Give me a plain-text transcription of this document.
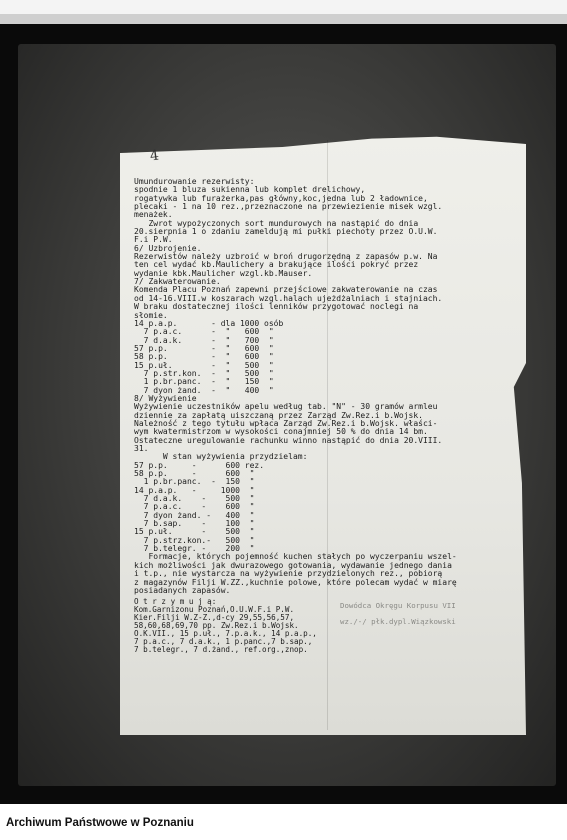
4
Umundurowanie rezerwisty:
spodnie 1 bluza sukienna lub komplet drelichowy,
rogatywka lub furażerka,pas główny,koc,jedna lub 2 ładownice,
plecaki - 1 na 10 rez.,przeznaczone na przewiezienie misek wzgl.
menażek.
Zwrot wypożyczonych sort mundurowych na nastąpić do dnia
20.sierpnia 1 o zdaniu zameldują mi pułki piechoty przez O.U.W.
F.i P.W.
6/ Uzbrojenie.
Rezerwistów należy uzbroić w broń drugorzędną z zapasów p.w. Na
ten cel wydać kb.Maulichery a brakujące ilości pokryć przez
wydanie kbk.Maulicher wzgl.kb.Mauser.
7/ Zakwaterowanie.
Komenda Placu Poznań zapewni przejściowe zakwaterowanie na czas
od 14-16.VIII.w koszarach wzgl.halach ujeżdżalniach i stajniach.
W braku dostatecznej ilości lenników przygotować noclegi na
słomie.
14 p.a.p.       - dla 1000 osób
7 p.a.c.      -  "   600  "
7 d.a.k.      -  "   700  "
57 p.p.         -  "   600  "
58 p.p.         -  "   600  "
15 p.uł.        -  "   500  "
7 p.str.kon.  -  "   500  "
1 p.br.panc.  -  "   150  "
7 dyon żand.  -  "   400  "
8/ Wyżywienie
Wyżywienie uczestników apelu według tab. "N" - 30 gramów armleu
dziennie za zapłatą uiszczaną przez Zarząd Zw.Rez.i b.Wojsk.
Należność z tego tytułu wpłaca Zarząd Zw.Rez.i b.Wojsk. właści-
wym kwatermistrzom w wysokości conajmniej 50 % do dnia 14 bm.
Ostateczne uregulowanie rachunku winno nastąpić do dnia 20.VIII.
31.
W stan wyżywienia przydzielam:
57 p.p.     -      600 rez.
58 p.p.     -      600  "
1 p.br.panc.  -  150  "
14 p.a.p.   -     1000  "
7 d.a.k.    -    500  "
7 p.a.c.    -    600  "
7 dyon żand. -   400  "
7 b.sap.    -    100  "
15 p.uł.      -    500  "
7 p.strz.kon.-   500  "
7 b.telegr. -    200  "
Formacje, których pojemność kuchen stałych po wyczerpaniu wszel-
kich możliwości jak dwurazowego gotowania, wydawanie jednego dania
i t.p., nie wystarcza na wyżywienie przydzielonych rez., pobiorą
z magazynów Filji W.ZZ.,kuchnie polowe, które polecam wydać w miarę
posiadanych zapasów.
O t r z y m u j ą:
Kom.Garnizonu Poznań,O.U.W.F.i P.W.
Kier.Filji W.Z-Z.,d-cy 29,55,56,57,
58,60,68,69,70 pp. Zw.Rez.i b.Wojsk.
O.K.VII., 15 p.uł., 7.p.a.k., 14 p.a.p.,
7 p.a.c., 7 d.a.k., 1 p.panc.,7 b.sap.,
7 b.telegr., 7 d.żand., ref.org.,znop.
Dowódca Okręgu Korpusu VII
wz./-/ płk.dypl.Wiązkowski
Archiwum Państwowe w Poznaniu
